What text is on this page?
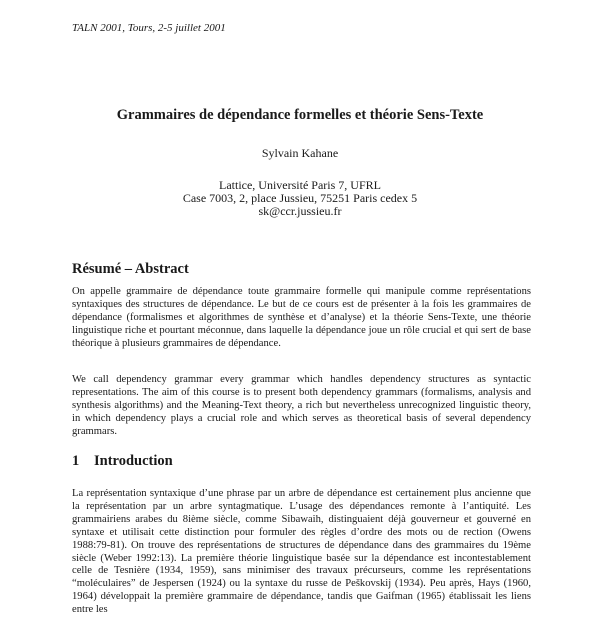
TALN 2001, Tours, 2-5 juillet 2001
Grammaires de dépendance formelles et théorie Sens-Texte
Sylvain Kahane
Lattice, Université Paris 7, UFRL
Case 7003, 2, place Jussieu, 75251 Paris cedex 5
sk@ccr.jussieu.fr
Résumé – Abstract
On appelle grammaire de dépendance toute grammaire formelle qui manipule comme représentations syntaxiques des structures de dépendance. Le but de ce cours est de présenter à la fois les grammaires de dépendance (formalismes et algorithmes de synthèse et d’analyse) et la théorie Sens-Texte, une théorie linguistique riche et pourtant méconnue, dans laquelle la dépendance joue un rôle crucial et qui sert de base théorique à plusieurs grammaires de dépendance.
We call dependency grammar every grammar which handles dependency structures as syntactic representations. The aim of this course is to present both dependency grammars (formalisms, analysis and synthesis algorithms) and the Meaning-Text theory, a rich but nevertheless unrecognized linguistic theory, in which dependency plays a crucial role and which serves as theoretical basis of several dependency grammars.
1 Introduction
La représentation syntaxique d’une phrase par un arbre de dépendance est certainement plus ancienne que la représentation par un arbre syntagmatique. L’usage des dépendances remonte à l’antiquité. Les grammairiens arabes du 8ième siècle, comme Sibawaih, distinguaient déjà gouverneur et gouverné en syntaxe et utilisait cette distinction pour formuler des règles d’ordre des mots ou de rection (Owens 1988:79-81). On trouve des représentations de structures de dépendance dans des grammaires du 19ème siècle (Weber 1992:13). La première théorie linguistique basée sur la dépendance est incontestablement celle de Tesnière (1934, 1959), sans minimiser des travaux précurseurs, comme les représentations “moléculaires” de Jespersen (1924) ou la syntaxe du russe de Peškovskij (1934). Peu après, Hays (1960, 1964) développait la première grammaire de dépendance, tandis que Gaifman (1965) établissait les liens entre les
